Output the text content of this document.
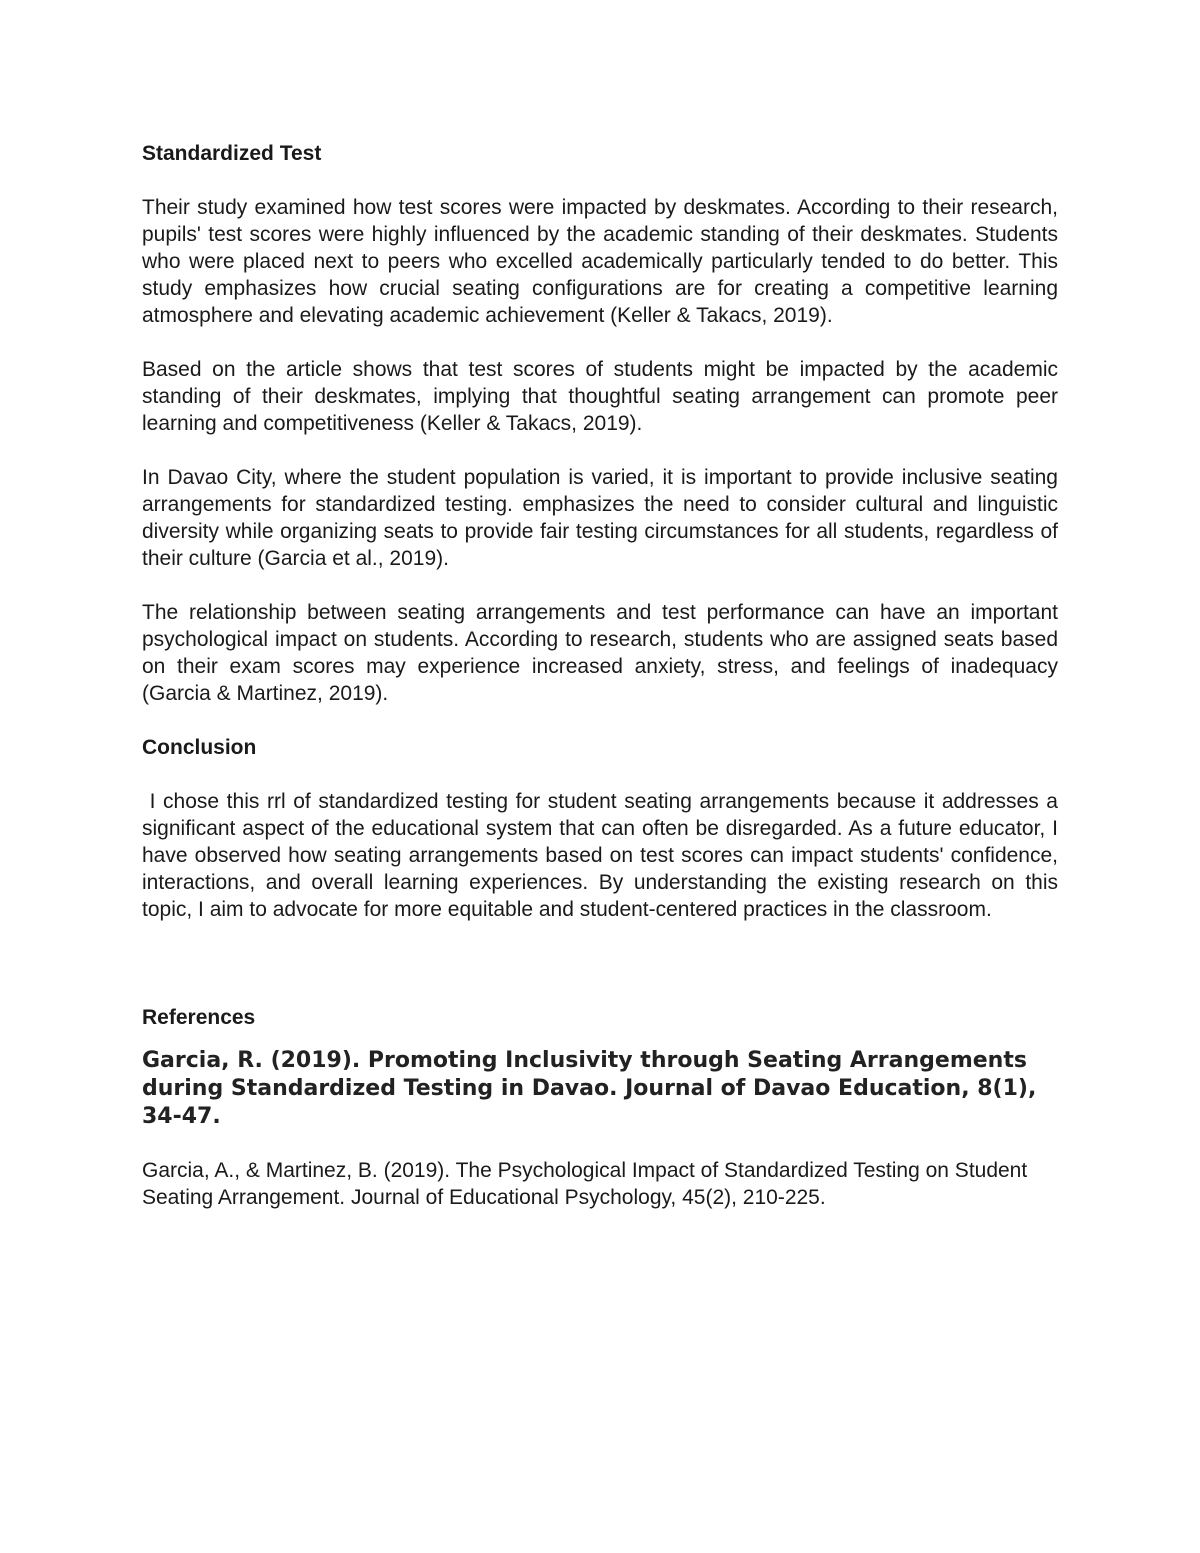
Standardized Test

Their study examined how test scores were impacted by deskmates. According to their research, pupils' test scores were highly influenced by the academic standing of their deskmates. Students who were placed next to peers who excelled academically particularly tended to do better. This study emphasizes how crucial seating configurations are for creating a competitive learning atmosphere and elevating academic achievement (Keller & Takacs, 2019).

Based on the article shows that test scores of students might be impacted by the academic standing of their deskmates, implying that thoughtful seating arrangement can promote peer learning and competitiveness (Keller & Takacs, 2019).

In Davao City, where the student population is varied, it is important to provide inclusive seating arrangements for standardized testing. emphasizes the need to consider cultural and linguistic diversity while organizing seats to provide fair testing circumstances for all students, regardless of their culture (Garcia et al., 2019).

The relationship between seating arrangements and test performance can have an important psychological impact on students. According to research, students who are assigned seats based on their exam scores may experience increased anxiety, stress, and feelings of inadequacy (Garcia & Martinez, 2019).

Conclusion

I chose this rrl of standardized testing for student seating arrangements because it addresses a significant aspect of the educational system that can often be disregarded. As a future educator, I have observed how seating arrangements based on test scores can impact students' confidence, interactions, and overall learning experiences. By understanding the existing research on this topic, I aim to advocate for more equitable and student-centered practices in the classroom.

References

Garcia, R. (2019). Promoting Inclusivity through Seating Arrangements during Standardized Testing in Davao. Journal of Davao Education, 8(1), 34-47.

Garcia, A., & Martinez, B. (2019). The Psychological Impact of Standardized Testing on Student Seating Arrangement. Journal of Educational Psychology, 45(2), 210-225.
